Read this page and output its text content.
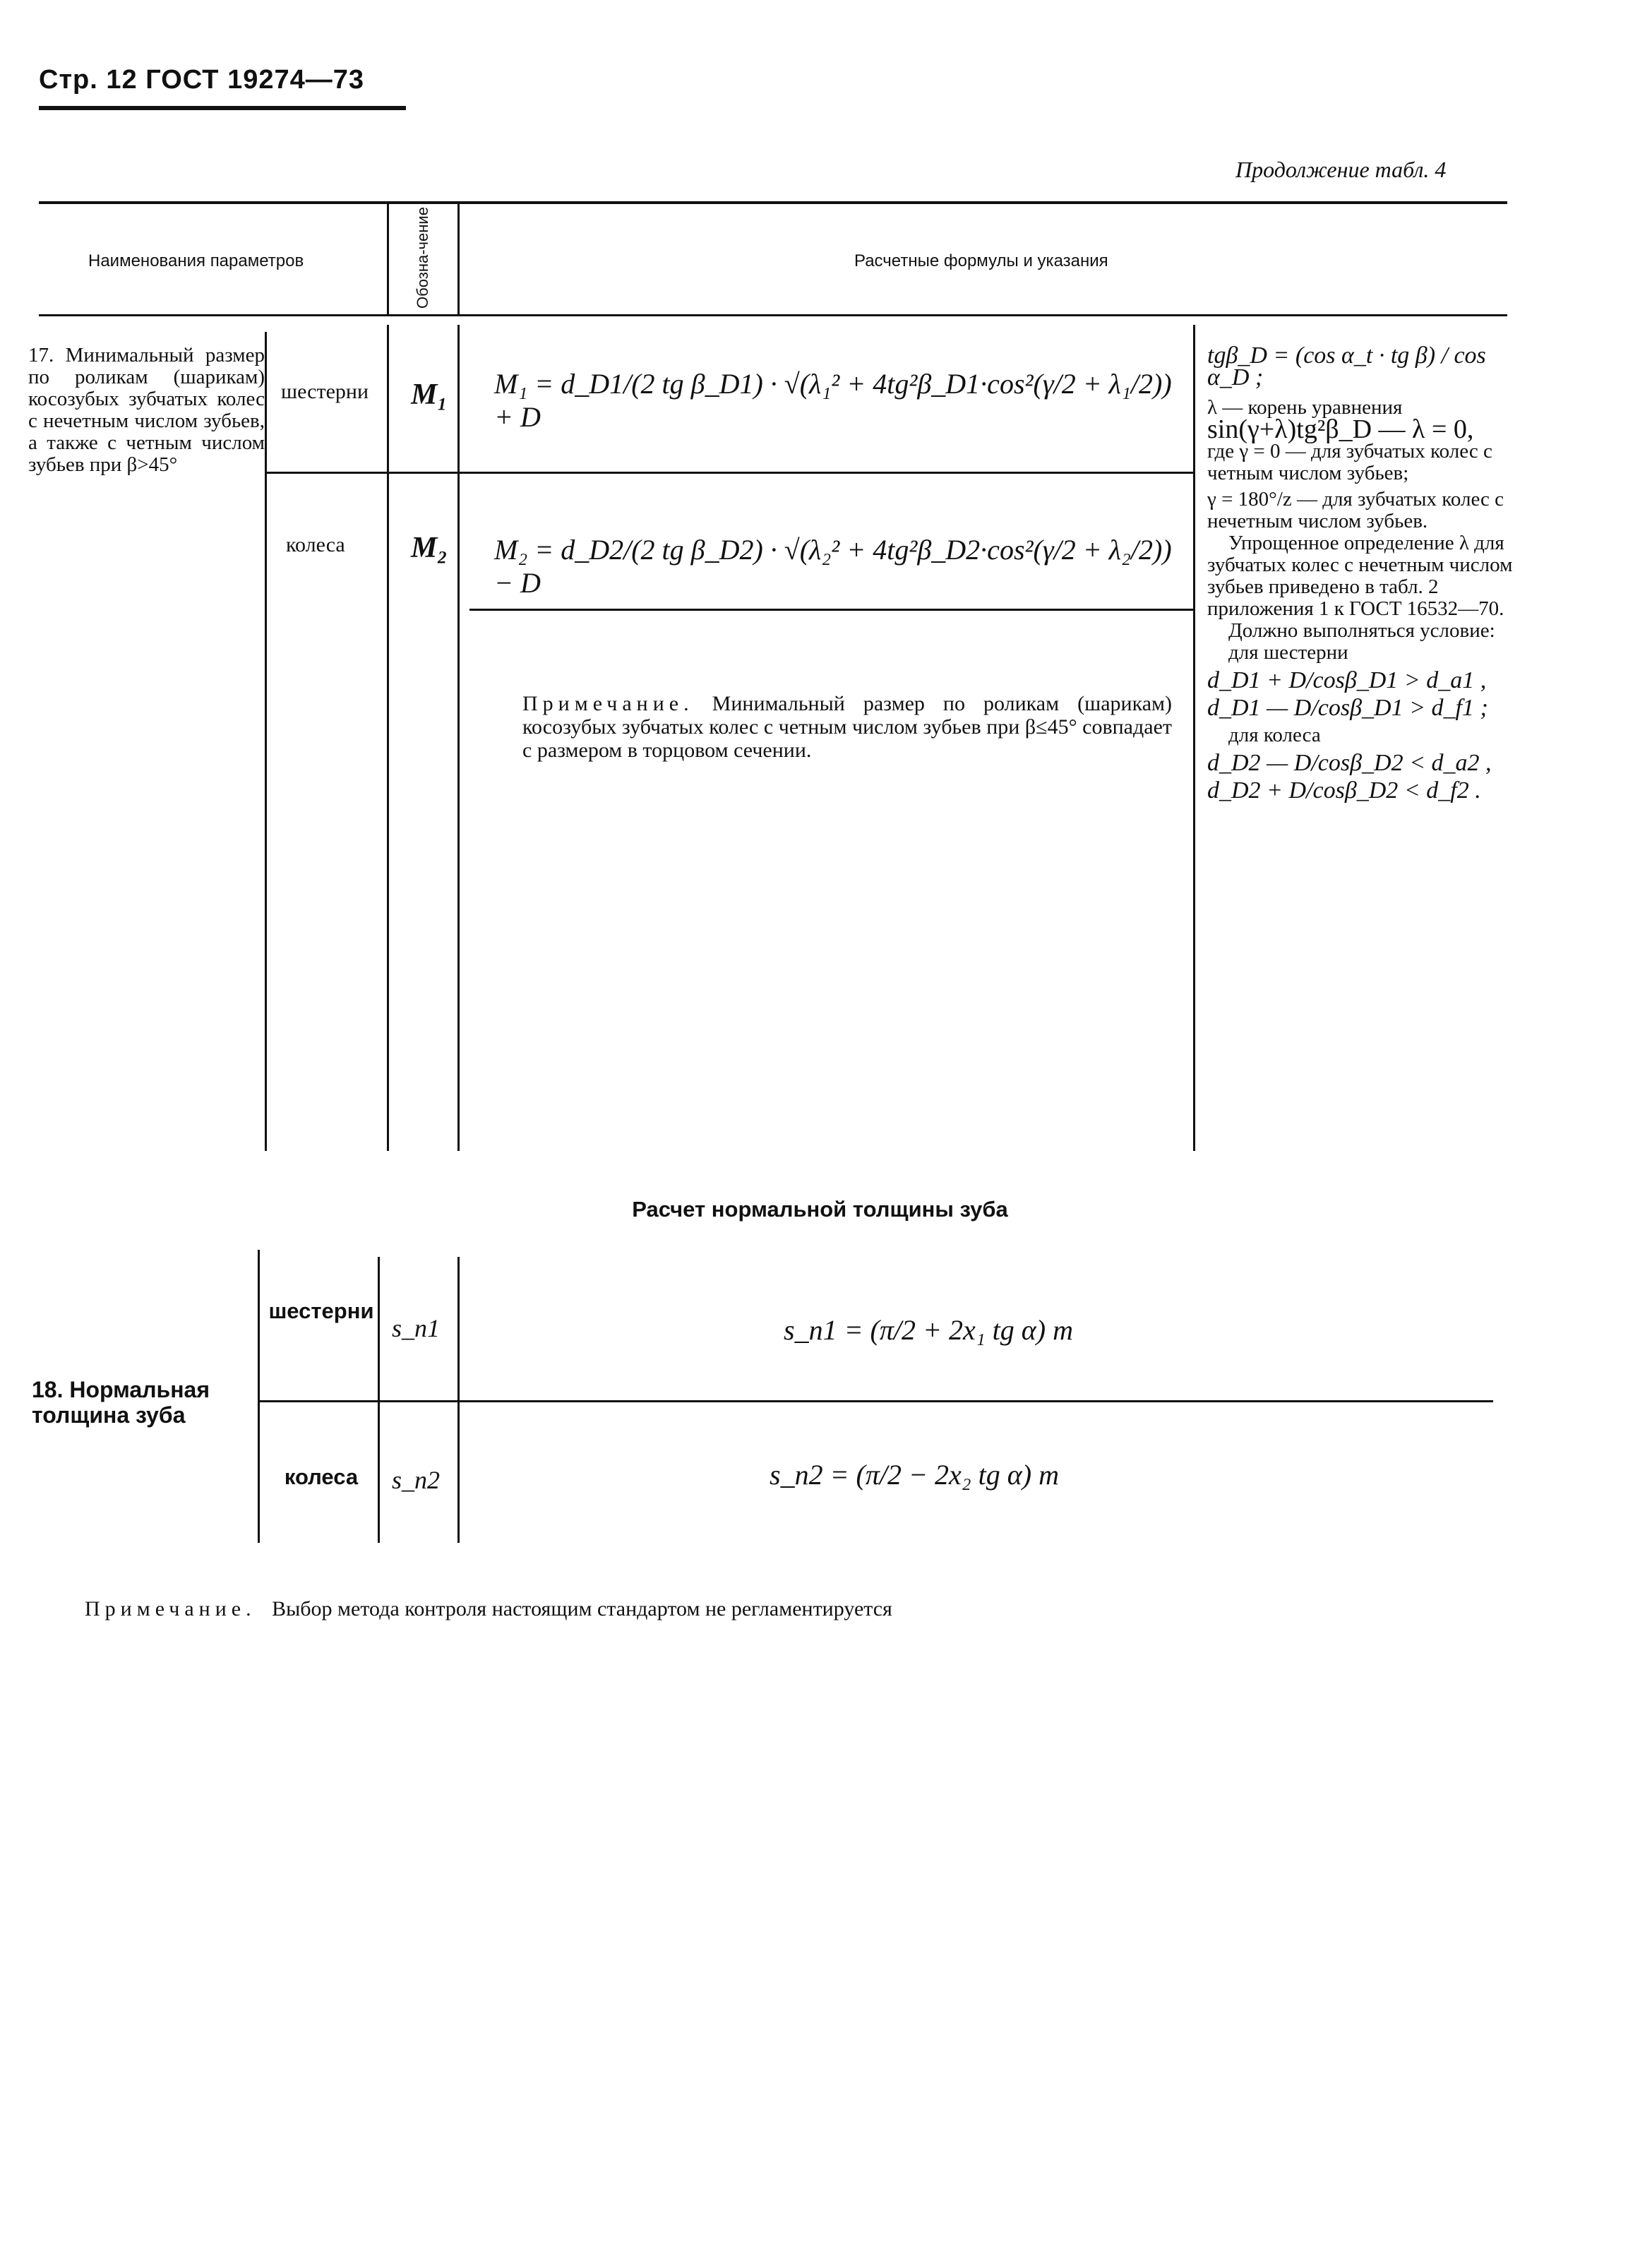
Стр. 12 ГОСТ 19274—73
Продолжение табл. 4
Наименования параметров	Обозна-чение	Расчетные формулы и указания
17. Минимальный размер по роликам (шарикам) косозубых зубчатых колес с нечетным числом зубьев, а также с четным числом зубьев при β>45°
шестерни
колеса
M₁
M₂
M₁ = d_D1/(2 tg β_D1) · √(λ₁² + 4tg²β_D1·cos²(γ/2 + λ₁/2)) + D
M₂ = d_D2/(2 tg β_D2) · √(λ₂² + 4tg²β_D2·cos²(γ/2 + λ₂/2)) − D
Примечание. Минимальный размер по роликам (шарикам) косозубых зубчатых колес с четным числом зубьев при β≤45° совпадает с размером в торцовом сечении.
tgβ_D = (cos α_t · tg β) / cos α_D ;
λ — корень уравнения
sin(γ+λ)tg²β_D — λ = 0,
где γ = 0 — для зубчатых колес с четным числом зубьев;
γ = 180°/z — для зубчатых колес с нечетным числом зубьев.
Упрощенное определение λ для зубчатых колес с нечетным числом зубьев приведено в табл. 2 приложения 1 к ГОСТ 16532—70.
Должно выполняться условие:
для шестерни
d_D1 + D/cosβ_D1 > d_a1 ,
d_D1 — D/cosβ_D1 > d_f1 ;
для колеса
d_D2 — D/cosβ_D2 < d_a2 ,
d_D2 + D/cosβ_D2 < d_f2 .
Расчет нормальной толщины зуба
18. Нормальная толщина зуба
шестерни
колеса
s_n1
s_n2
s_n1 = (π/2 + 2x₁ tg α) m
s_n2 = (π/2 − 2x₂ tg α) m
Примечание. Выбор метода контроля настоящим стандартом не регламентируется
